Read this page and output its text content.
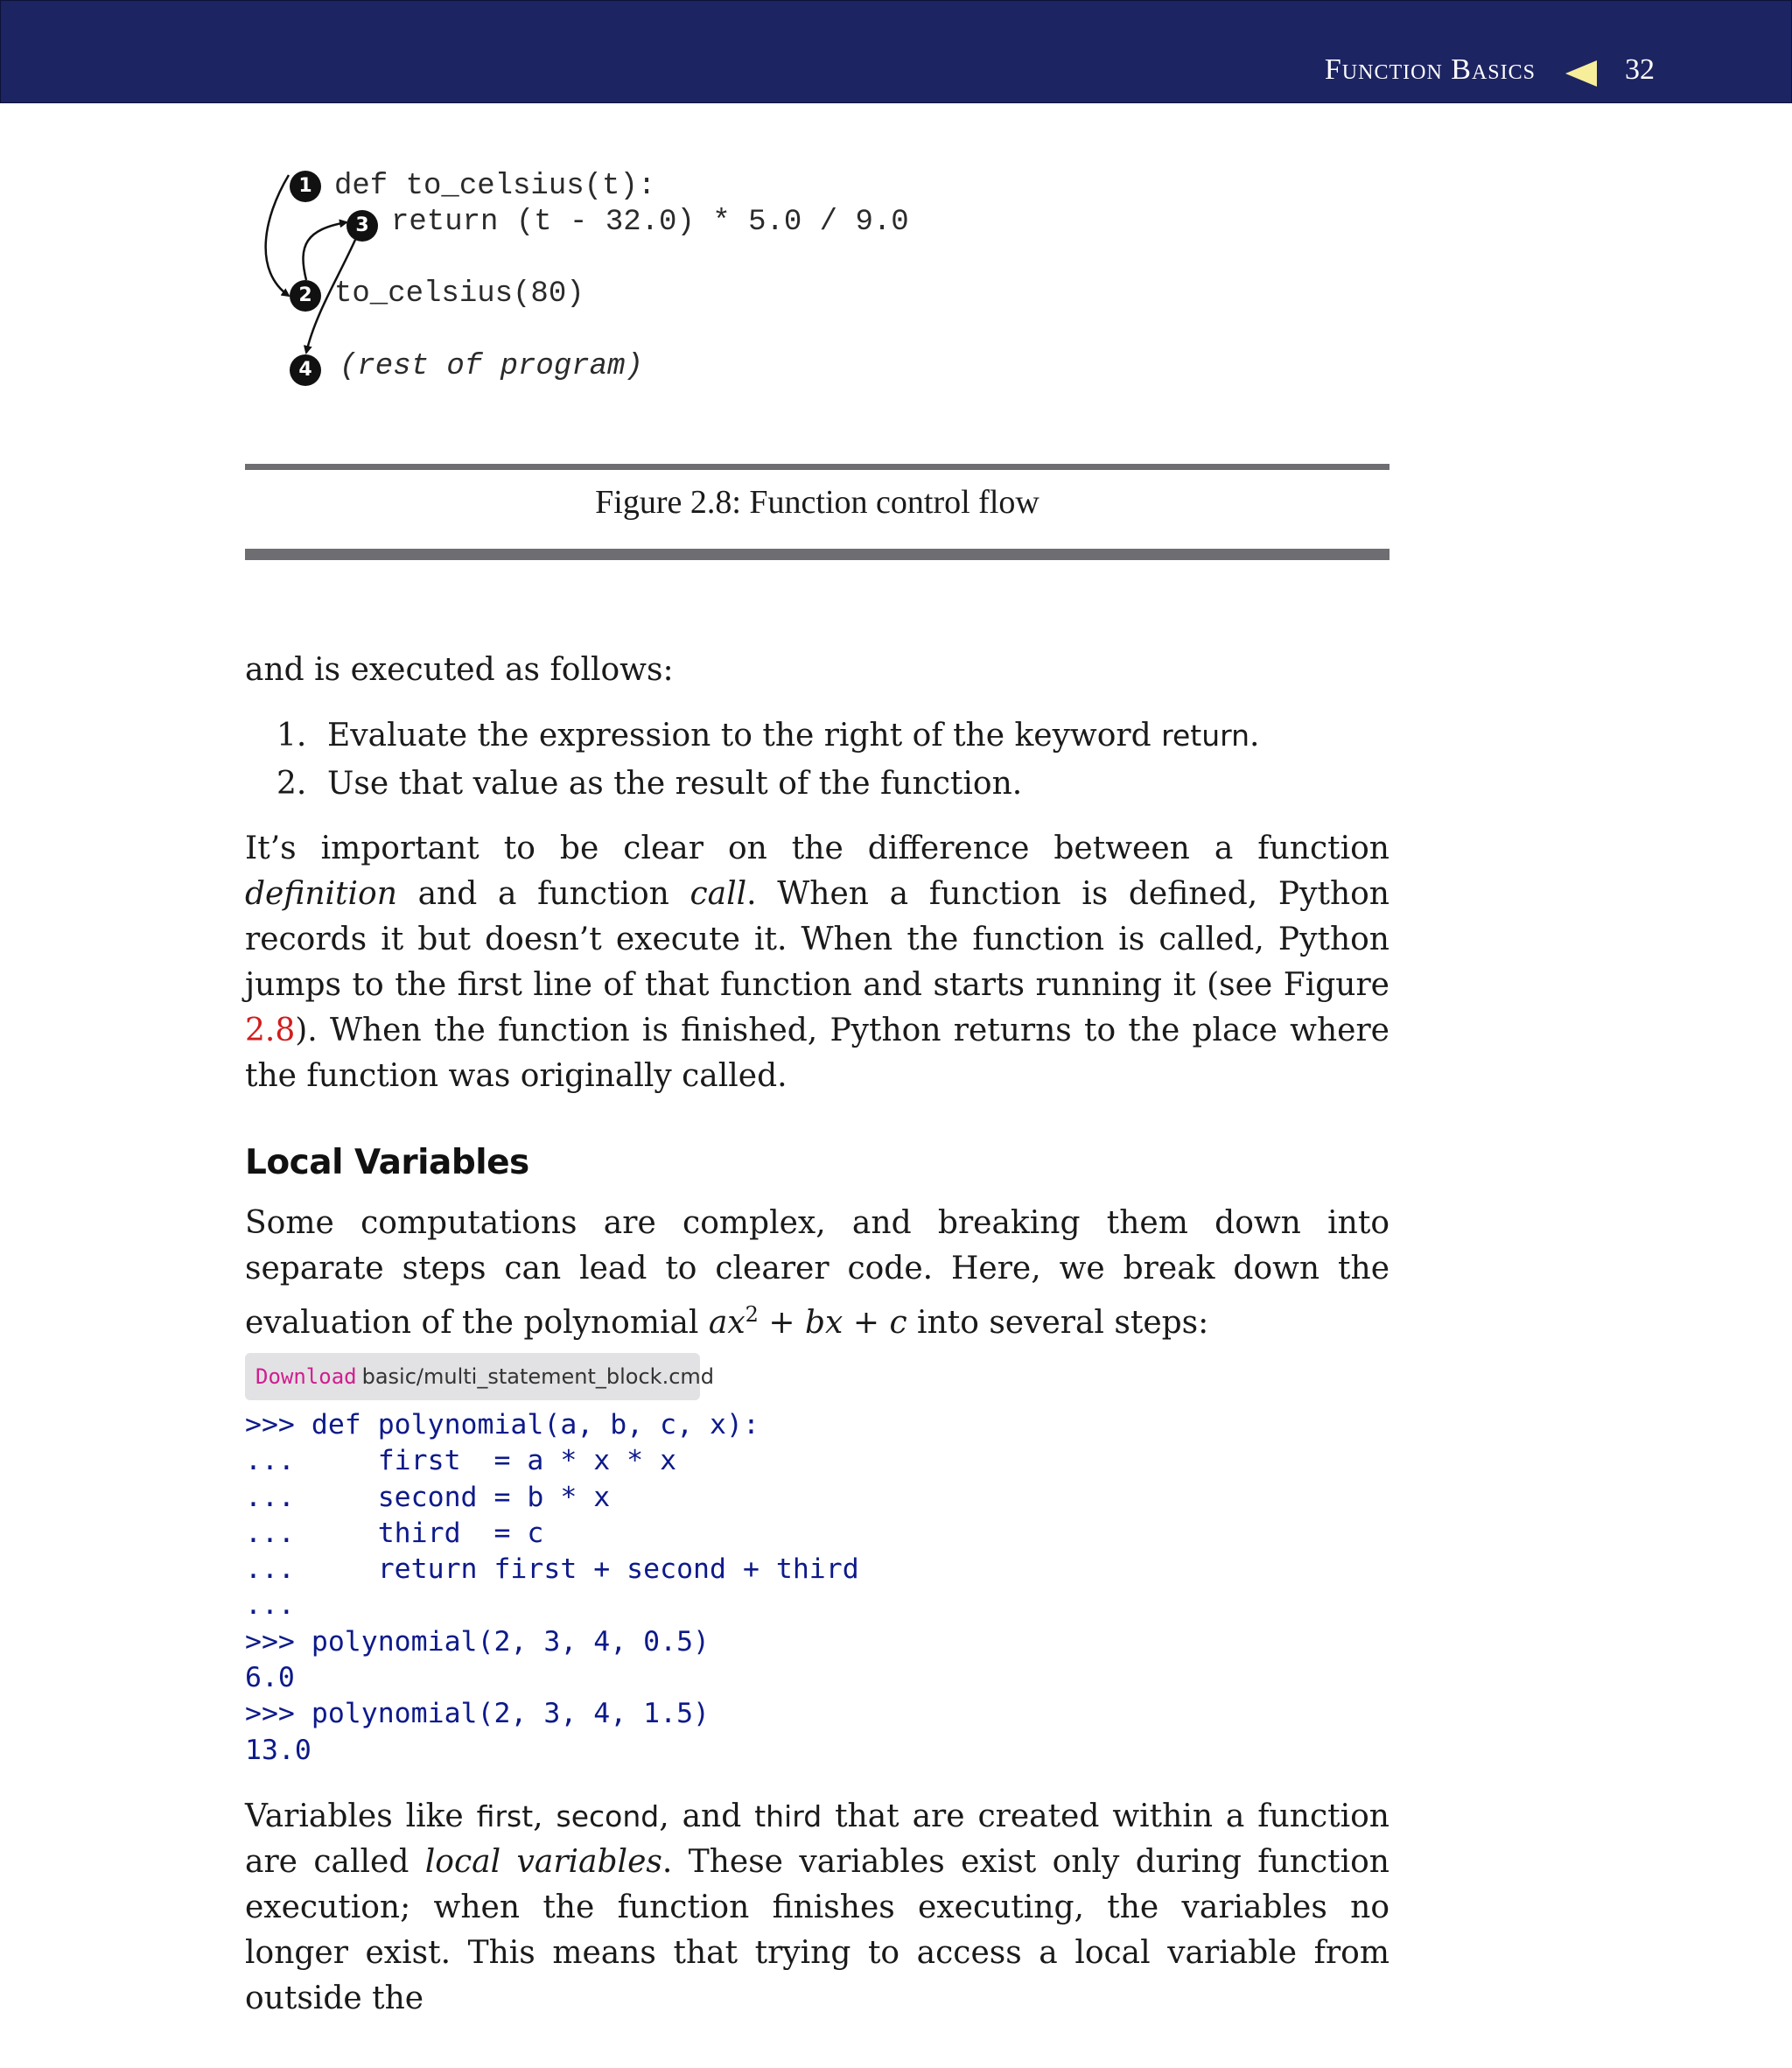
Function Basics	32
1
3
2
4
def to_celsius(t):
return (t - 32.0) * 5.0 / 9.0
to_celsius(80)
(rest of program)
Figure 2.8: Function control flow
and is executed as follows:
1. Evaluate the expression to the right of the keyword return.
2. Use that value as the result of the function.
It’s important to be clear on the difference between a function definition and a function call. When a function is defined, Python records it but doesn’t execute it. When the function is called, Python jumps to the first line of that function and starts running it (see Figure 2.8). When the function is finished, Python returns to the place where the function was originally called.
Local Variables
Some computations are complex, and breaking them down into separate steps can lead to clearer code. Here, we break down the evaluation of the polynomial $ax^2$ + bx + c into several steps:
Download basic/multi_statement_block.cmd
>>> def polynomial(a, b, c, x):
...     first  = a * x * x
...     second = b * x
...     third  = c
...     return first + second + third
...
>>> polynomial(2, 3, 4, 0.5)
6.0
>>> polynomial(2, 3, 4, 1.5)
13.0
Variables like first, second, and third that are created within a function are called local variables. These variables exist only during function execution; when the function finishes executing, the variables no longer exist. This means that trying to access a local variable from outside the
